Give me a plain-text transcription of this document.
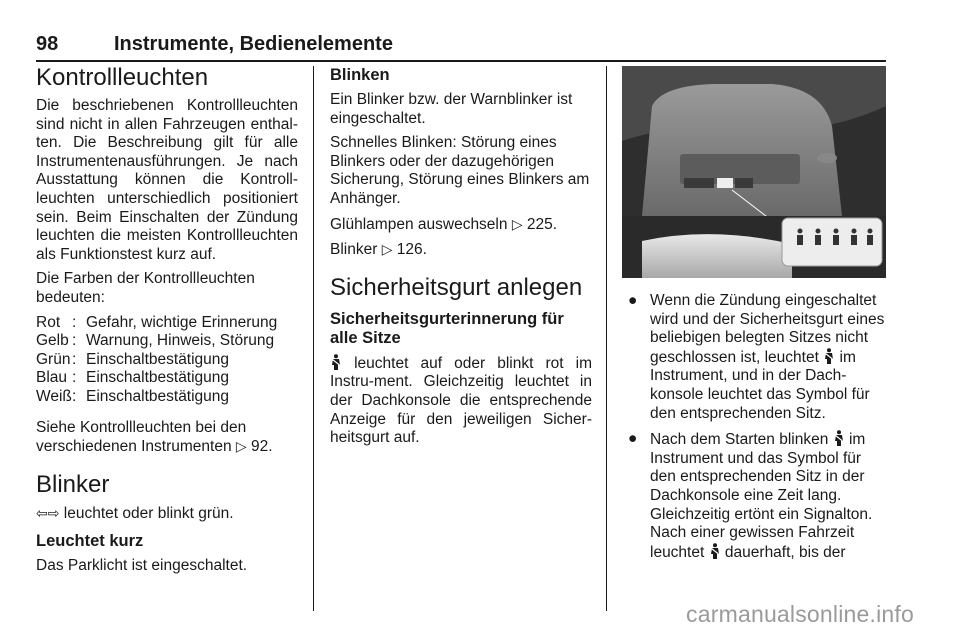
98	Instrumente, Bedienelemente
Kontrollleuchten

Die beschriebenen Kontrollleuchten sind nicht in allen Fahrzeugen enthal-ten. Die Beschreibung gilt für alle Instrumentenausführungen. Je nach Ausstattung können die Kontroll-leuchten unterschiedlich positioniert sein. Beim Einschalten der Zündung leuchten die meisten Kontrollleuchten als Funktionstest kurz auf.

Die Farben der Kontrollleuchten bedeuten:

Rot	:	Gefahr, wichtige Erinnerung
Gelb	:	Warnung, Hinweis, Störung
Grün	:	Einschaltbestätigung
Blau	:	Einschaltbestätigung
Weiß	:	Einschaltbestätigung

Siehe Kontrollleuchten bei den verschiedenen Instrumenten ▷ 92.

Blinker

⇦⇨ leuchtet oder blinkt grün.

Leuchtet kurz

Das Parklicht ist eingeschaltet.

Blinken

Ein Blinker bzw. der Warnblinker ist eingeschaltet.

Schnelles Blinken: Störung eines Blinkers oder der dazugehörigen Sicherung, Störung eines Blinkers am Anhänger.

Glühlampen auswechseln ▷ 225.

Blinker ▷ 126.

Sicherheitsgurt anlegen
Sicherheitsgurterinnerung für alle Sitze

leuchtet auf oder blinkt rot im Instru-ment. Gleichzeitig leuchtet in der Dachkonsole die entsprechende Anzeige für den jeweiligen Sicher-heitsgurt auf.

● Wenn die Zündung eingeschaltet wird und der Sicherheitsgurt eines beliebigen belegten Sitzes nicht geschlossen ist, leuchtet im Instrument, und in der Dach-konsole leuchtet das Symbol für den entsprechenden Sitz.
● Nach dem Starten blinken im Instrument und das Symbol für den entsprechenden Sitz in der Dachkonsole eine Zeit lang. Gleichzeitig ertönt ein Signalton. Nach einer gewissen Fahrzeit leuchtet dauerhaft, bis der
carmanualsonline.info
